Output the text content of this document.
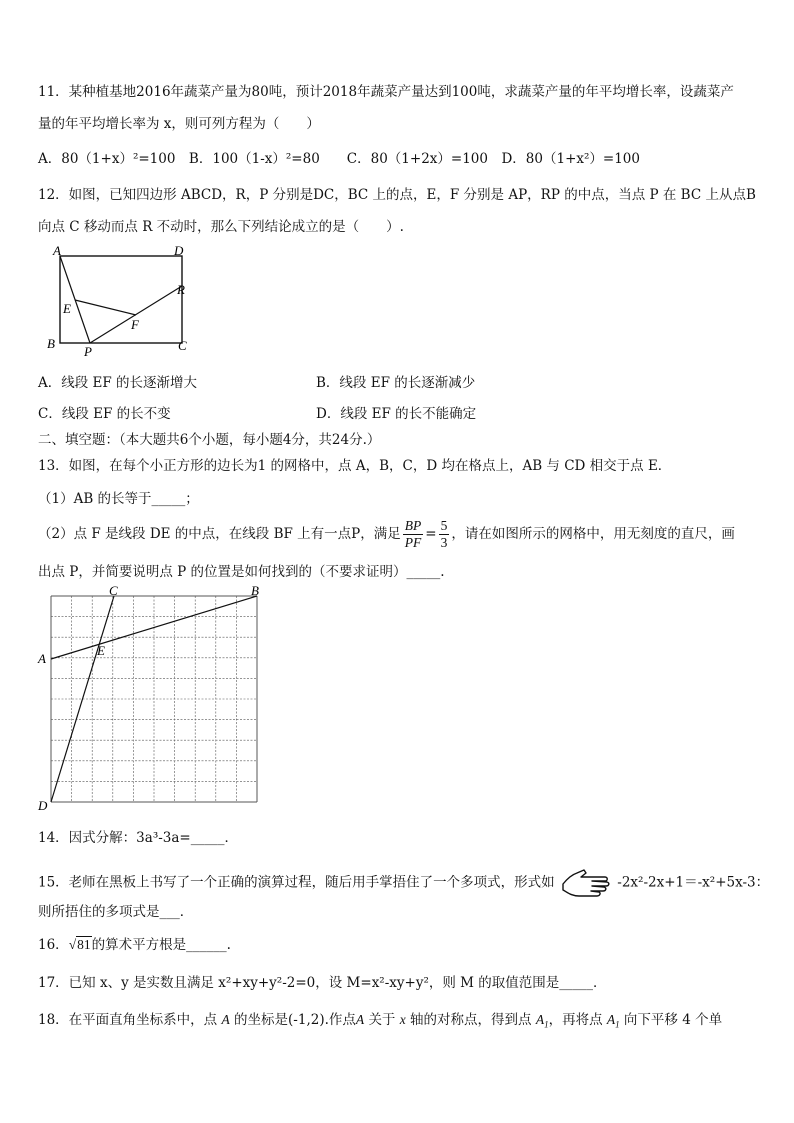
11．某种植基地2016年蔬菜产量为80吨，预计2018年蔬菜产量达到100吨，求蔬菜产量的年平均增长率，设蔬菜产
量的年平均增长率为 x，则可列方程为（　　）
A．80（1+x）²=100　B．100（1-x）²=80　　C．80（1+2x）=100　D．80（1+x²）=100
12．如图，已知四边形 ABCD，R，P 分别是DC，BC 上的点，E，F 分别是 AP，RP 的中点，当点 P 在 BC 上从点B
向点 C 移动而点 R 不动时，那么下列结论成立的是（　　）.
A	D
R
E
F
B
P	C
A．线段 EF 的长逐渐增大	B．线段 EF 的长逐渐减少
C．线段 EF 的长不变	D．线段 EF 的长不能确定
二、填空题：（本大题共6个小题，每小题4分，共24分.）
13．如图，在每个小正方形的边长为1 的网格中，点 A，B，C，D 均在格点上，AB 与 CD 相交于点 E．
（1）AB 的长等于_____；
（2）点 F 是线段 DE 的中点，在线段 BF 上有一点P，满足 $\frac{BP}{PF} = \frac{5}{3}$ ，请在如图所示的网格中，用无刻度的直尺，画
出点 P，并简要说明点 P 的位置是如何找到的（不要求证明）_____.
C	B
A
E
D
14．因式分解：3a³-3a=_____．
15．老师在黑板上书写了一个正确的演算过程，随后用手掌捂住了一个多项式，形式如	-2x²-2x+1＝-x²+5x-3：
则所捂住的多项式是___．
16．√81的算术平方根是______.
17．已知 x、y 是实数且满足 x²+xy+y²-2=0，设 M=x²-xy+y²，则 M 的取值范围是_____．
18．在平面直角坐标系中，点 A 的坐标是(-1,2).作点A 关于 x 轴的对称点，得到点 $A_1$，再将点 $A_1$ 向下平移 4 个单
